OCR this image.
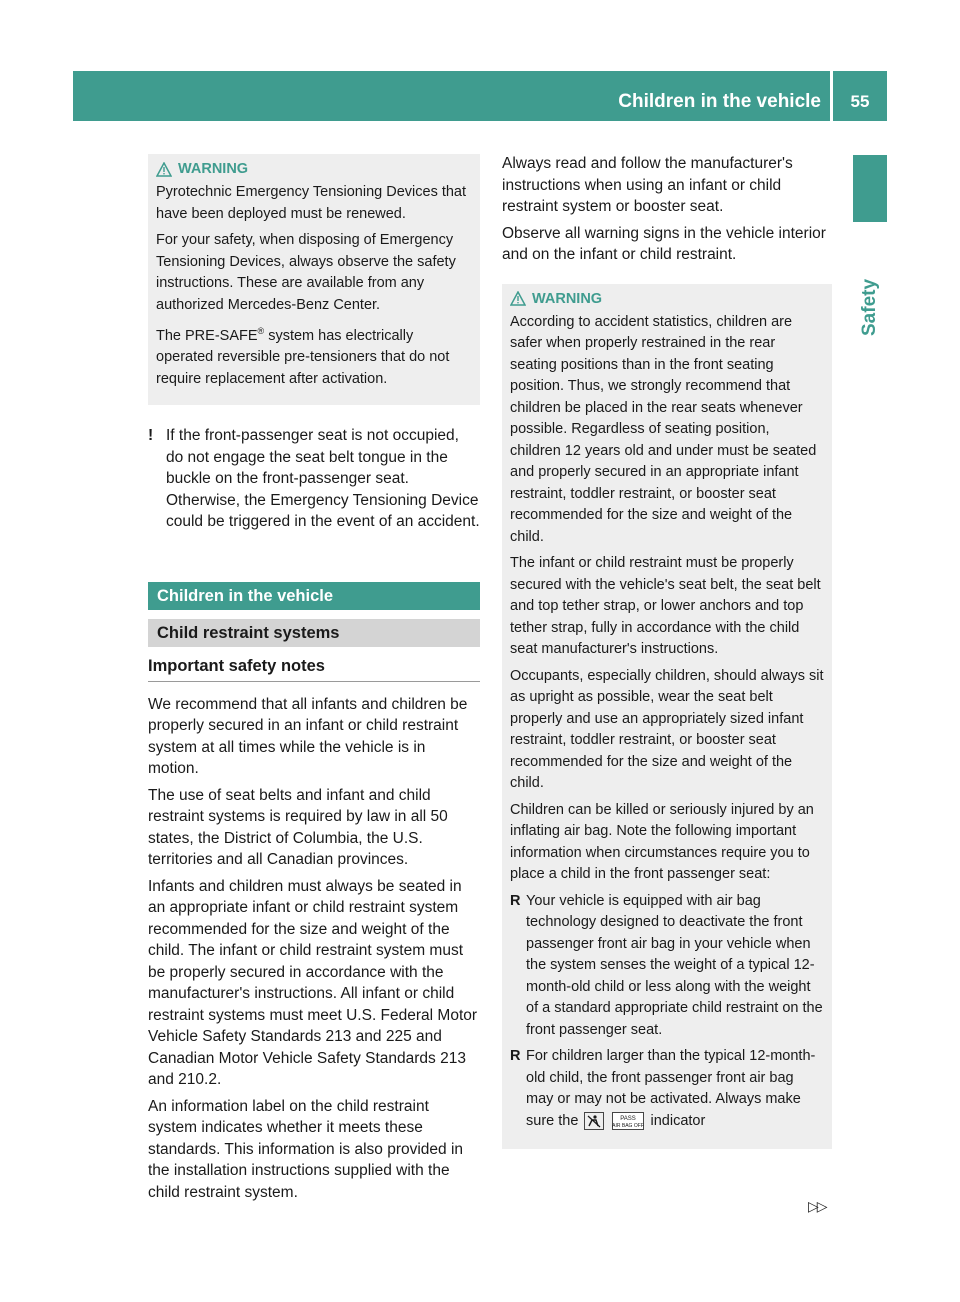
Children in the vehicle	55
Safety
WARNING

Pyrotechnic Emergency Tensioning Devices that have been deployed must be renewed.

For your safety, when disposing of Emergency Tensioning Devices, always observe the safety instructions. These are available from any authorized Mercedes-Benz Center.

The PRE-SAFE® system has electrically operated reversible pre-tensioners that do not require replacement after activation.

! If the front-passenger seat is not occupied, do not engage the seat belt tongue in the buckle on the front-passenger seat. Otherwise, the Emergency Tensioning Device could be triggered in the event of an accident.
Children in the vehicle
Child restraint systems
Important safety notes

We recommend that all infants and children be properly secured in an infant or child restraint system at all times while the vehicle is in motion.

The use of seat belts and infant and child restraint systems is required by law in all 50 states, the District of Columbia, the U.S. territories and all Canadian provinces.

Infants and children must always be seated in an appropriate infant or child restraint system recommended for the size and weight of the child. The infant or child restraint system must be properly secured in accordance with the manufacturer's instructions. All infant or child restraint systems must meet U.S. Federal Motor Vehicle Safety Standards 213 and 225 and Canadian Motor Vehicle Safety Standards 213 and 210.2.

An information label on the child restraint system indicates whether it meets these standards. This information is also provided in the installation instructions supplied with the child restraint system.

Always read and follow the manufacturer's instructions when using an infant or child restraint system or booster seat.

Observe all warning signs in the vehicle interior and on the infant or child restraint.

WARNING

According to accident statistics, children are safer when properly restrained in the rear seating positions than in the front seating position. Thus, we strongly recommend that children be placed in the rear seats whenever possible. Regardless of seating position, children 12 years old and under must be seated and properly secured in an appropriate infant restraint, toddler restraint, or booster seat recommended for the size and weight of the child.

The infant or child restraint must be properly secured with the vehicle's seat belt, the seat belt and top tether strap, or lower anchors and top tether strap, fully in accordance with the child seat manufacturer's instructions.

Occupants, especially children, should always sit as upright as possible, wear the seat belt properly and use an appropriately sized infant restraint, toddler restraint, or booster seat recommended for the size and weight of the child.

Children can be killed or seriously injured by an inflating air bag. Note the following important information when circumstances require you to place a child in the front passenger seat:

R Your vehicle is equipped with air bag technology designed to deactivate the front passenger front air bag in your vehicle when the system senses the weight of a typical 12-month-old child or less along with the weight of a standard appropriate child restraint on the front passenger seat.
R For children larger than the typical 12-month-old child, the front passenger front air bag may or may not be activated. Always make sure the	PASS
AIR BAG OFF indicator
▷▷
